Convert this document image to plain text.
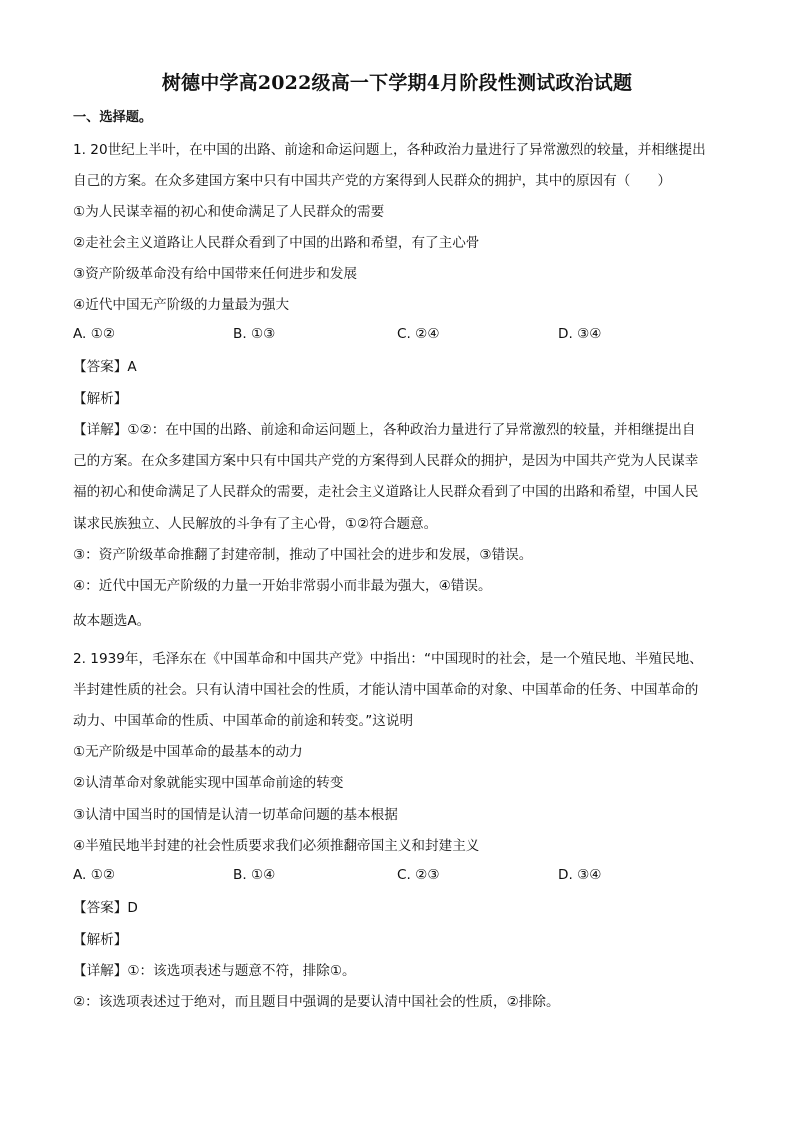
树德中学高2022级高一下学期4月阶段性测试政治试题
一、选择题。
1. 20世纪上半叶，在中国的出路、前途和命运问题上，各种政治力量进行了异常激烈的较量，并相继提出
自己的方案。在众多建国方案中只有中国共产党的方案得到人民群众的拥护，其中的原因有（　　）
①为人民谋幸福的初心和使命满足了人民群众的需要
②走社会主义道路让人民群众看到了中国的出路和希望，有了主心骨
③资产阶级革命没有给中国带来任何进步和发展
④近代中国无产阶级的力量最为强大
A. ①②	B. ①③	C. ②④	D. ③④
【答案】A
【解析】
【详解】①②：在中国的出路、前途和命运问题上，各种政治力量进行了异常激烈的较量，并相继提出自
己的方案。在众多建国方案中只有中国共产党的方案得到人民群众的拥护，是因为中国共产党为人民谋幸
福的初心和使命满足了人民群众的需要，走社会主义道路让人民群众看到了中国的出路和希望，中国人民
谋求民族独立、人民解放的斗争有了主心骨，①②符合题意。
③：资产阶级革命推翻了封建帝制，推动了中国社会的进步和发展，③错误。
④：近代中国无产阶级的力量一开始非常弱小而非最为强大，④错误。
故本题选A。
2. 1939年，毛泽东在《中国革命和中国共产党》中指出：“中国现时的社会，是一个殖民地、半殖民地、
半封建性质的社会。只有认清中国社会的性质，才能认清中国革命的对象、中国革命的任务、中国革命的
动力、中国革命的性质、中国革命的前途和转变。”这说明
①无产阶级是中国革命的最基本的动力
②认清革命对象就能实现中国革命前途的转变
③认清中国当时的国情是认清一切革命问题的基本根据
④半殖民地半封建的社会性质要求我们必须推翻帝国主义和封建主义
A. ①②	B. ①④	C. ②③	D. ③④
【答案】D
【解析】
【详解】①：该选项表述与题意不符，排除①。
②：该选项表述过于绝对，而且题目中强调的是要认清中国社会的性质，②排除。
